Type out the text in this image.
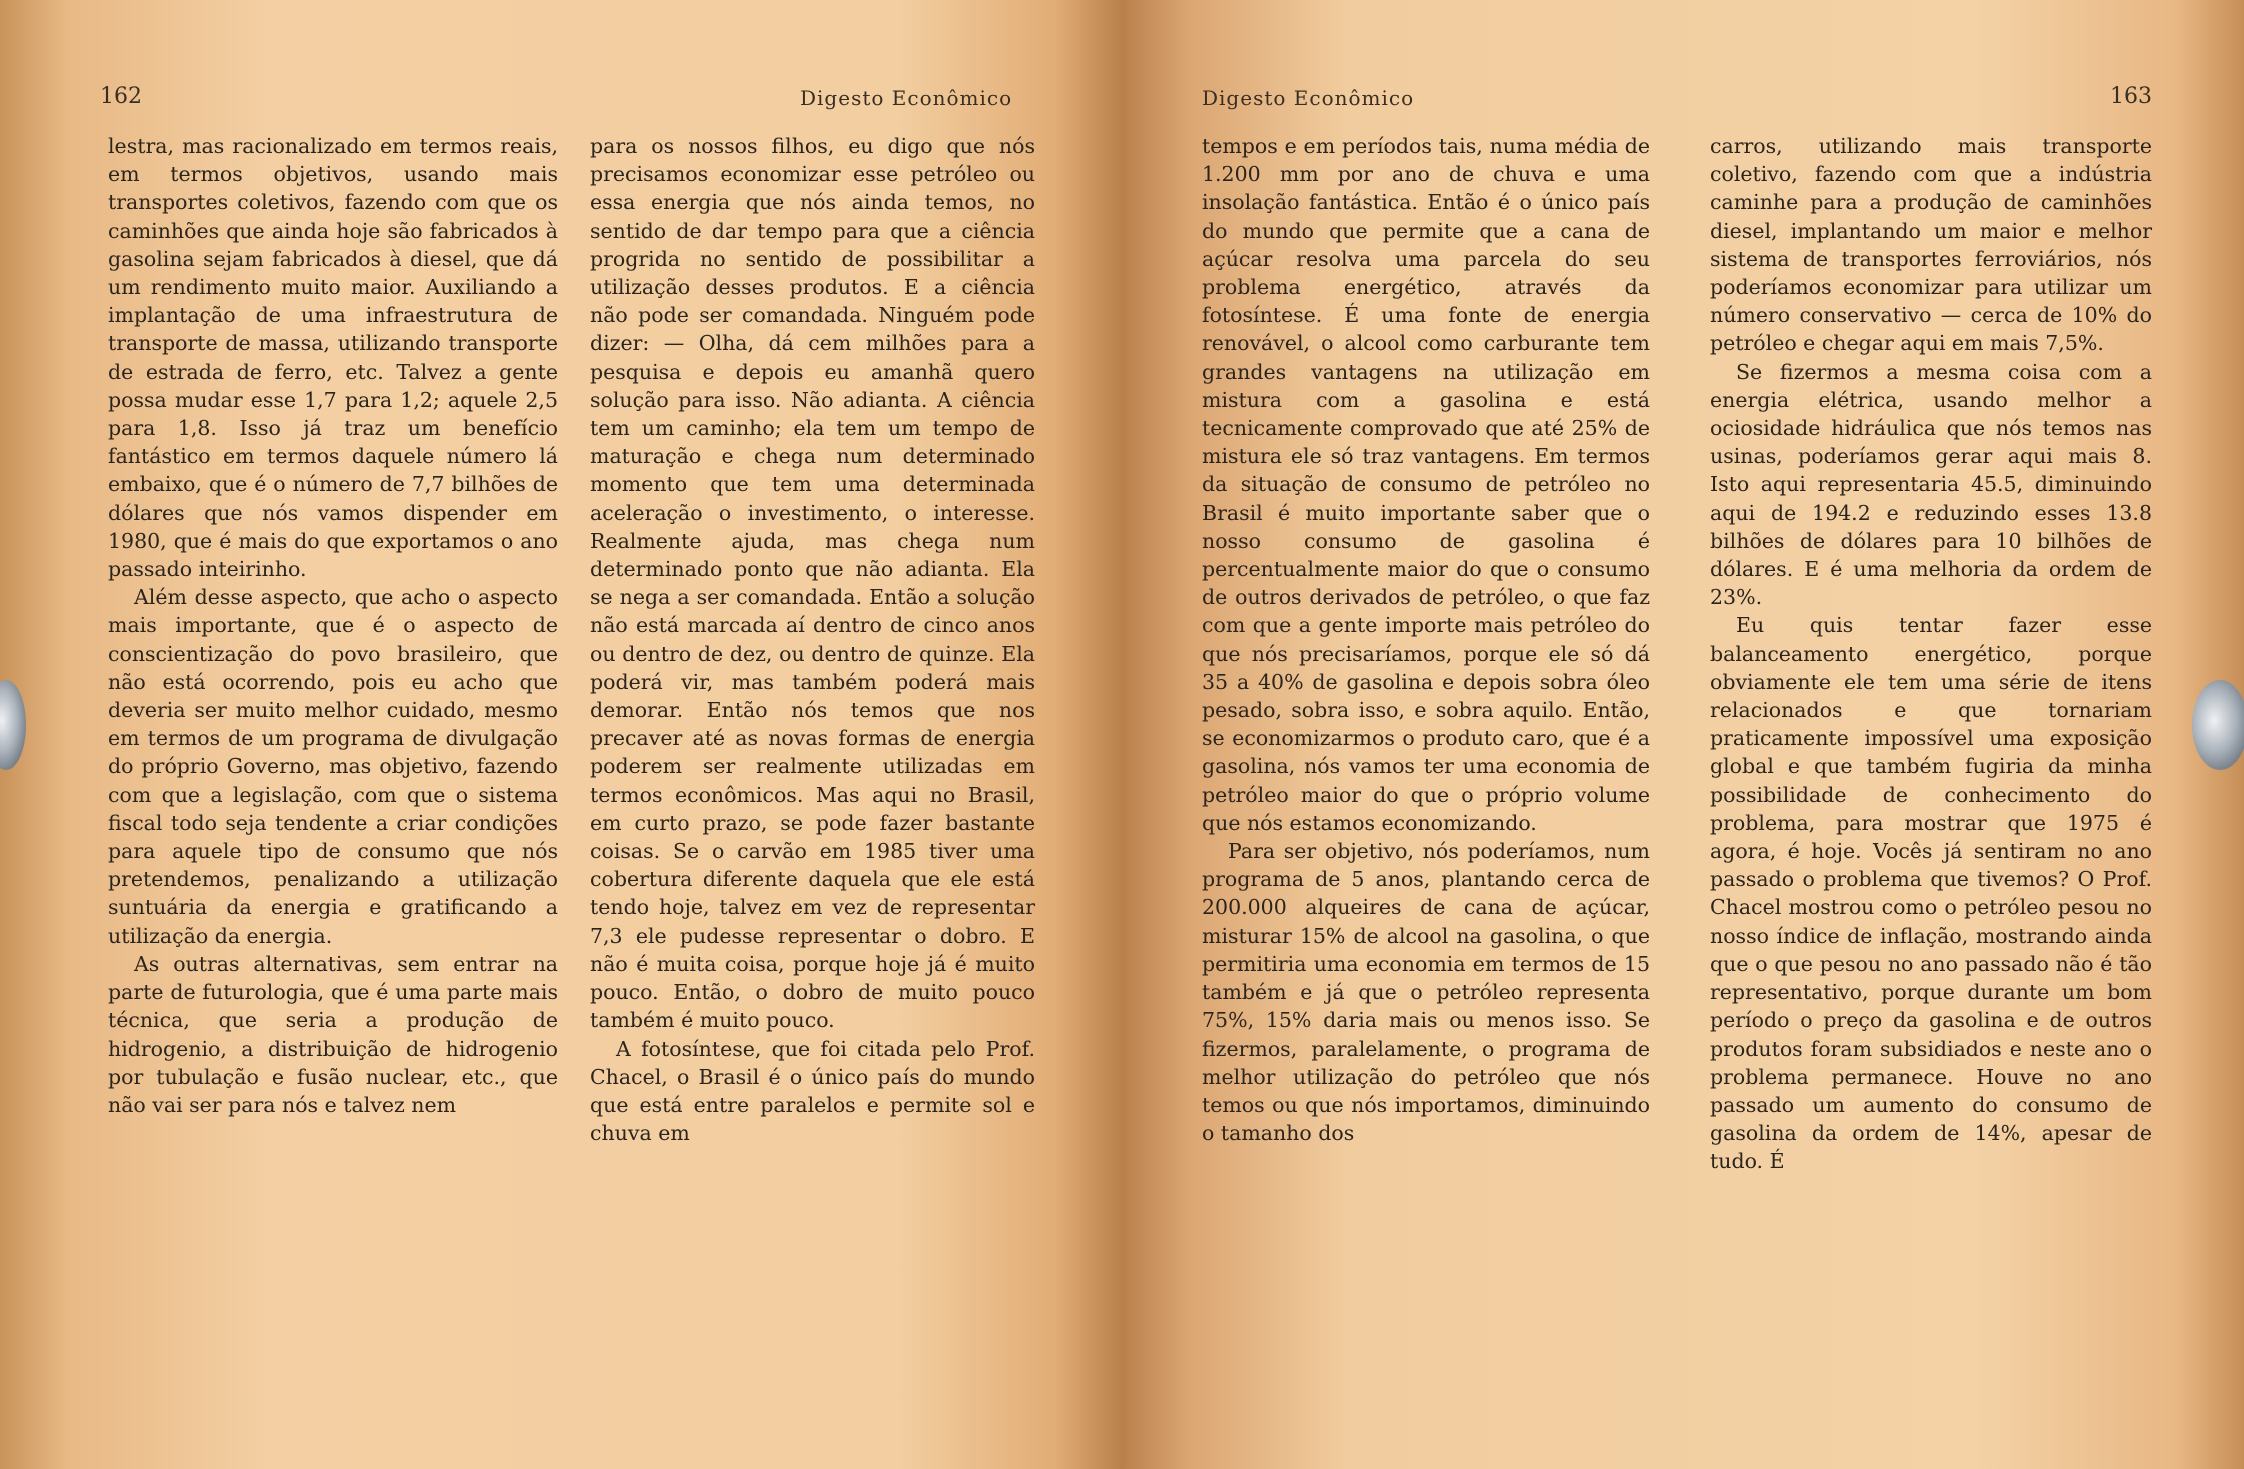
162	Digesto Econômico

lestra, mas racionalizado em termos reais, em termos objetivos, usando mais transportes coletivos, fazendo com que os caminhões que ainda hoje são fabricados à gasolina sejam fabricados à diesel, que dá um rendimento muito maior. Auxiliando a implantação de uma infraestrutura de transporte de massa, utilizando transporte de estrada de ferro, etc. Talvez a gente possa mudar esse 1,7 para 1,2; aquele 2,5 para 1,8. Isso já traz um benefício fantástico em termos daquele número lá embaixo, que é o número de 7,7 bilhões de dólares que nós vamos dispender em 1980, que é mais do que exportamos o ano passado inteirinho.

Além desse aspecto, que acho o aspecto mais importante, que é o aspecto de conscientização do povo brasileiro, que não está ocorrendo, pois eu acho que deveria ser muito melhor cuidado, mesmo em termos de um programa de divulgação do próprio Governo, mas objetivo, fazendo com que a legislação, com que o sistema fiscal todo seja tendente a criar condições para aquele tipo de consumo que nós pretendemos, penalizando a utilização suntuária da energia e gratificando a utilização da energia.

As outras alternativas, sem entrar na parte de futurologia, que é uma parte mais técnica, que seria a produção de hidrogenio, a distribuição de hidrogenio por tubulação e fusão nuclear, etc., que não vai ser para nós e talvez nem

para os nossos filhos, eu digo que nós precisamos economizar esse petróleo ou essa energia que nós ainda temos, no sentido de dar tempo para que a ciência progrida no sentido de possibilitar a utilização desses produtos. E a ciência não pode ser comandada. Ninguém pode dizer: — Olha, dá cem milhões para a pesquisa e depois eu amanhã quero solução para isso. Não adianta. A ciência tem um caminho; ela tem um tempo de maturação e chega num determinado momento que tem uma determinada aceleração o investimento, o interesse. Realmente ajuda, mas chega num determinado ponto que não adianta. Ela se nega a ser comandada. Então a solução não está marcada aí dentro de cinco anos ou dentro de dez, ou dentro de quinze. Ela poderá vir, mas também poderá mais demorar. Então nós temos que nos precaver até as novas formas de energia poderem ser realmente utilizadas em termos econômicos. Mas aqui no Brasil, em curto prazo, se pode fazer bastante coisas. Se o carvão em 1985 tiver uma cobertura diferente daquela que ele está tendo hoje, talvez em vez de representar 7,3 ele pudesse representar o dobro. E não é muita coisa, porque hoje já é muito pouco. Então, o dobro de muito pouco também é muito pouco.

A fotosíntese, que foi citada pelo Prof. Chacel, o Brasil é o único país do mundo que está entre paralelos e permite sol e chuva em

Digesto Econômico	163

tempos e em períodos tais, numa média de 1.200 mm por ano de chuva e uma insolação fantástica. Então é o único país do mundo que permite que a cana de açúcar resolva uma parcela do seu problema energético, através da fotosíntese. É uma fonte de energia renovável, o alcool como carburante tem grandes vantagens na utilização em mistura com a gasolina e está tecnicamente comprovado que até 25% de mistura ele só traz vantagens. Em termos da situação de consumo de petróleo no Brasil é muito importante saber que o nosso consumo de gasolina é percentualmente maior do que o consumo de outros derivados de petróleo, o que faz com que a gente importe mais petróleo do que nós precisaríamos, porque ele só dá 35 a 40% de gasolina e depois sobra óleo pesado, sobra isso, e sobra aquilo. Então, se economizarmos o produto caro, que é a gasolina, nós vamos ter uma economia de petróleo maior do que o próprio volume que nós estamos economizando.

Para ser objetivo, nós poderíamos, num programa de 5 anos, plantando cerca de 200.000 alqueires de cana de açúcar, misturar 15% de alcool na gasolina, o que permitiria uma economia em termos de 15 também e já que o petróleo representa 75%, 15% daria mais ou menos isso. Se fizermos, paralelamente, o programa de melhor utilização do petróleo que nós temos ou que nós importamos, diminuindo o tamanho dos

carros, utilizando mais transporte coletivo, fazendo com que a indústria caminhe para a produção de caminhões diesel, implantando um maior e melhor sistema de transportes ferroviários, nós poderíamos economizar para utilizar um número conservativo — cerca de 10% do petróleo e chegar aqui em mais 7,5%.

Se fizermos a mesma coisa com a energia elétrica, usando melhor a ociosidade hidráulica que nós temos nas usinas, poderíamos gerar aqui mais 8. Isto aqui representaria 45.5, diminuindo aqui de 194.2 e reduzindo esses 13.8 bilhões de dólares para 10 bilhões de dólares. E é uma melhoria da ordem de 23%.

Eu quis tentar fazer esse balanceamento energético, porque obviamente ele tem uma série de itens relacionados e que tornariam praticamente impossível uma exposição global e que também fugiria da minha possibilidade de conhecimento do problema, para mostrar que 1975 é agora, é hoje. Vocês já sentiram no ano passado o problema que tivemos? O Prof. Chacel mostrou como o petróleo pesou no nosso índice de inflação, mostrando ainda que o que pesou no ano passado não é tão representativo, porque durante um bom período o preço da gasolina e de outros produtos foram subsidiados e neste ano o problema permanece. Houve no ano passado um aumento do consumo de gasolina da ordem de 14%, apesar de tudo. É
